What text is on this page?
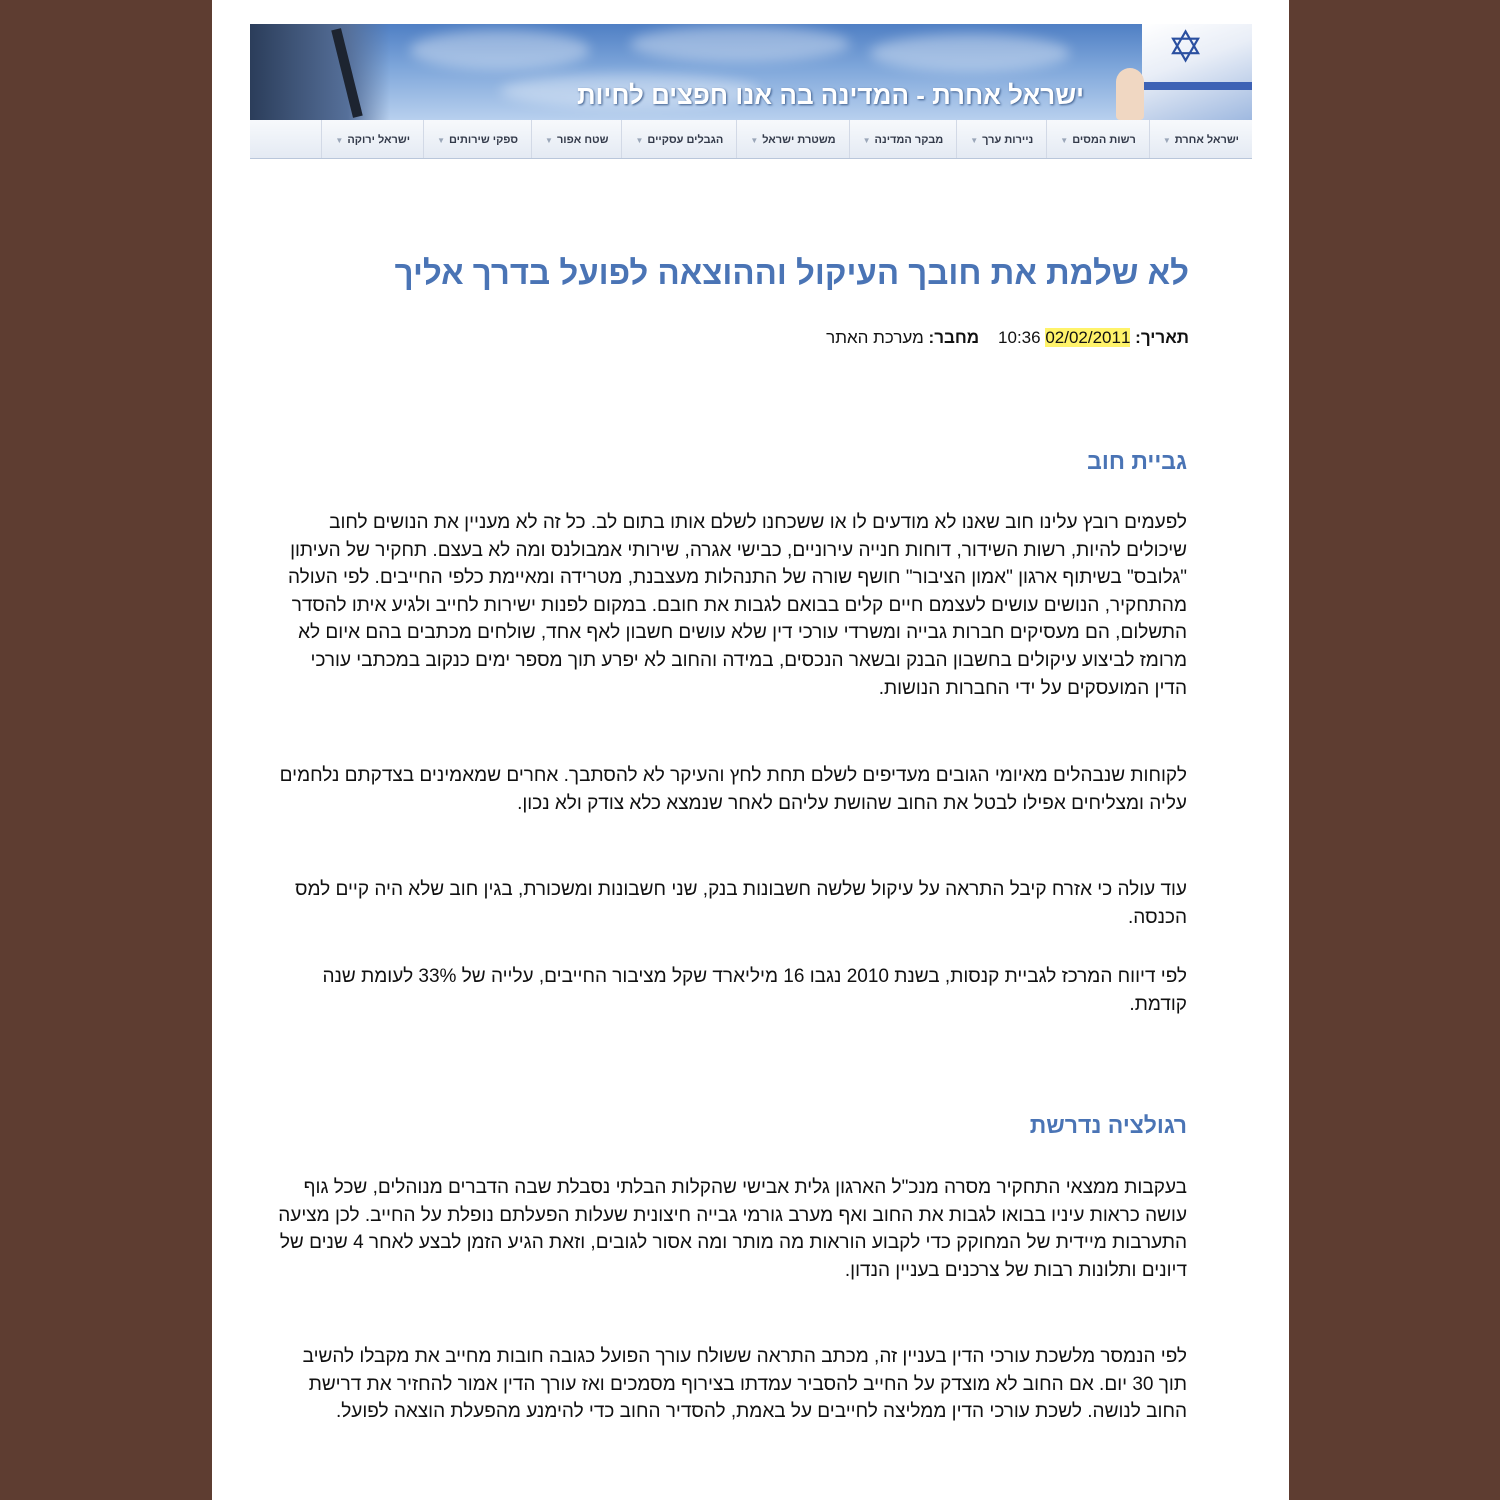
✡
ישראל אחרת - המדינה בה אנו חפצים לחיות
ישראל אחרת▼
רשות המסים▼
ניירות ערך▼
מבקר המדינה▼
משטרת ישראל▼
הגבלים עסקיים▼
שטח אפור▼
ספקי שירותים▼
ישראל ירוקה▼
לא שלמת את חובך העיקול וההוצאה לפועל בדרך אליך
תאריך: 02/02/2011 10:36    מחבר: מערכת האתר
גביית חוב

לפעמים רובץ עלינו חוב שאנו לא מודעים לו או ששכחנו לשלם אותו בתום לב. כל זה לא מעניין את הנושים לחוב שיכולים להיות, רשות השידור, דוחות חנייה עירוניים, כבישי אגרה, שירותי אמבולנס ומה לא בעצם. תחקיר של העיתון "גלובס" בשיתוף ארגון "אמון הציבור" חושף שורה של התנהלות מעצבנת, מטרידה ומאיימת כלפי החייבים. לפי העולה מהתחקיר, הנושים עושים לעצמם חיים קלים בבואם לגבות את חובם. במקום לפנות ישירות לחייב ולגיע איתו להסדר התשלום, הם מעסיקים חברות גבייה ומשרדי עורכי דין שלא עושים חשבון לאף אחד, שולחים מכתבים בהם איום לא מרומז לביצוע עיקולים בחשבון הבנק ובשאר הנכסים, במידה והחוב לא יפרע תוך מספר ימים כנקוב במכתבי עורכי הדין המועסקים על ידי החברות הנושות.

לקוחות שנבהלים מאיומי הגובים מעדיפים לשלם תחת לחץ והעיקר לא להסתבך. אחרים שמאמינים בצדקתם נלחמים עליה ומצליחים אפילו לבטל את החוב שהושת עליהם לאחר שנמצא כלא צודק ולא נכון.

עוד עולה כי אזרח קיבל התראה על עיקול שלשה חשבונות בנק, שני חשבונות ומשכורת, בגין חוב שלא היה קיים למס הכנסה.

לפי דיווח המרכז לגביית קנסות, בשנת 2010 נגבו 16 מיליארד שקל מציבור החייבים, עלייה של 33% לעומת שנה קודמת.

רגולציה נדרשת

בעקבות ממצאי התחקיר מסרה מנכ"ל הארגון גלית אבישי שהקלות הבלתי נסבלת שבה הדברים מנוהלים, שכל גוף עושה כראות עיניו בבואו לגבות את החוב ואף מערב גורמי גבייה חיצונית שעלות הפעלתם נופלת על החייב. לכן מציעה התערבות מיידית של המחוקק כדי לקבוע הוראות מה מותר ומה אסור לגובים, וזאת הגיע הזמן לבצע לאחר 4 שנים של דיונים ותלונות רבות של צרכנים בעניין הנדון.

לפי הנמסר מלשכת עורכי הדין בעניין זה, מכתב התראה ששולח עורך הפועל כגובה חובות מחייב את מקבלו להשיב תוך 30 יום. אם החוב לא מוצדק על החייב להסביר עמדתו בצירוף מסמכים ואז עורך הדין אמור להחזיר את דרישת החוב לנושה. לשכת עורכי הדין ממליצה לחייבים על באמת, להסדיר החוב כדי להימנע מהפעלת הוצאה לפועל.
